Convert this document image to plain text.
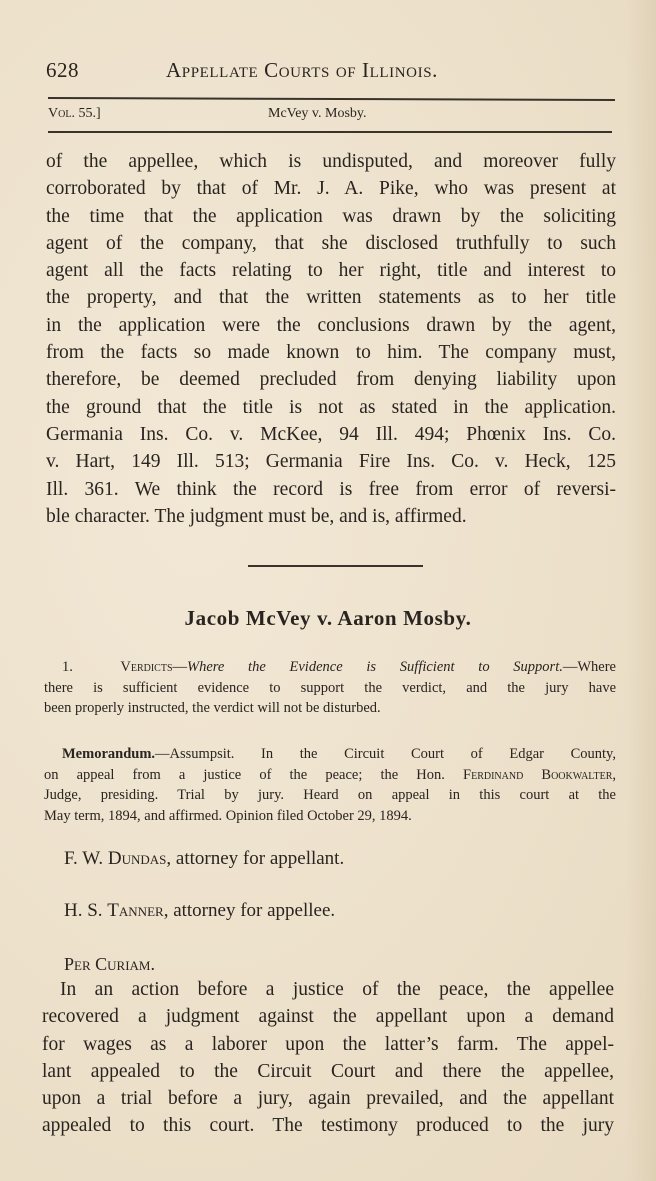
628	Appellate Courts of Illinois.
Vol. 55.]	McVey v. Mosby.
of the appellee, which is undisputed, and moreover fully
corroborated by that of Mr. J. A. Pike, who was present at
the time that the application was drawn by the soliciting
agent of the company, that she disclosed truthfully to such
agent all the facts relating to her right, title and interest to
the property, and that the written statements as to her title
in the application were the conclusions drawn by the agent,
from the facts so made known to him. The company must,
therefore, be deemed precluded from denying liability upon
the ground that the title is not as stated in the application.
Germania Ins. Co. v. McKee, 94 Ill. 494; Phœnix Ins. Co.
v. Hart, 149 Ill. 513; Germania Fire Ins. Co. v. Heck, 125
Ill. 361. We think the record is free from error of reversi-
ble character. The judgment must be, and is, affirmed.
Jacob McVey v. Aaron Mosby.
1.	Verdicts—Where the Evidence is Sufficient to Support.—Where
there is sufficient evidence to support the verdict, and the jury have
been properly instructed, the verdict will not be disturbed.
Memorandum.—Assumpsit. In the Circuit Court of Edgar County,
on appeal from a justice of the peace; the Hon. Ferdinand Bookwalter,
Judge, presiding. Trial by jury. Heard on appeal in this court at the
May term, 1894, and affirmed. Opinion filed October 29, 1894.
F. W. Dundas, attorney for appellant.
H. S. Tanner, attorney for appellee.
Per Curiam.
In an action before a justice of the peace, the appellee
recovered a judgment against the appellant upon a demand
for wages as a laborer upon the latter’s farm. The appel-
lant appealed to the Circuit Court and there the appellee,
upon a trial before a jury, again prevailed, and the appellant
appealed to this court. The testimony produced to the jury
